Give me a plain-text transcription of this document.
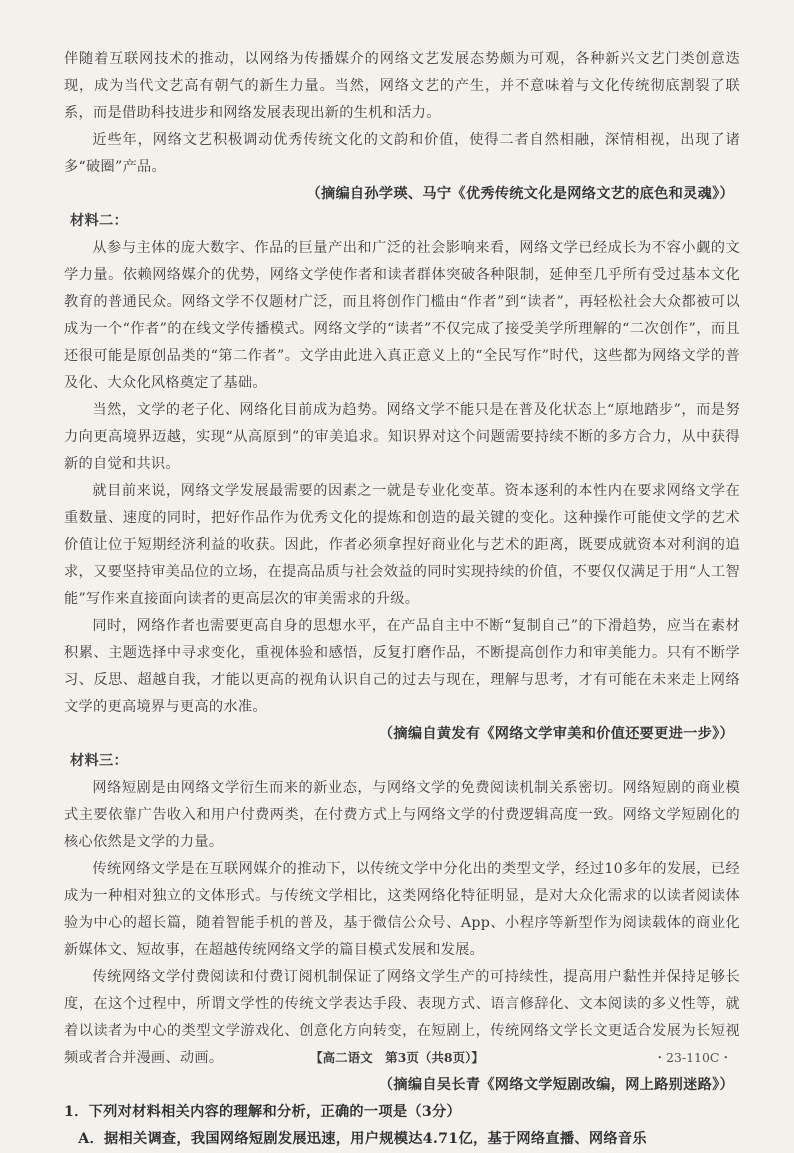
伴随着互联网技术的推动，以网络为传播媒介的网络文艺发展态势颇为可观，各种新兴文艺门类创意迭现，成为当代文艺高有朝气的新生力量。当然，网络文艺的产生，并不意味着与文化传统彻底割裂了联系，而是借助科技进步和网络发展表现出新的生机和活力。

近些年，网络文艺积极调动优秀传统文化的文韵和价值，使得二者自然相融，深情相视，出现了诸多“破圈”产品。

（摘编自孙学瑛、马宁《优秀传统文化是网络文艺的底色和灵魂》）

材料二：

从参与主体的庞大数字、作品的巨量产出和广泛的社会影响来看，网络文学已经成长为不容小觑的文学力量。依赖网络媒介的优势，网络文学使作者和读者群体突破各种限制，延伸至几乎所有受过基本文化教育的普通民众。网络文学不仅题材广泛，而且将创作门槛由“作者”到“读者”，再轻松社会大众都被可以成为一个“作者”的在线文学传播模式。网络文学的“读者”不仅完成了接受美学所理解的“二次创作”，而且还很可能是原创品类的“第二作者”。文学由此进入真正意义上的“全民写作”时代，这些都为网络文学的普及化、大众化风格奠定了基础。

当然，文学的老子化、网络化目前成为趋势。网络文学不能只是在普及化状态上“原地踏步”，而是努力向更高境界迈越，实现“从高原到”的审美追求。知识界对这个问题需要持续不断的多方合力，从中获得新的自觉和共识。

就目前来说，网络文学发展最需要的因素之一就是专业化变革。资本逐利的本性内在要求网络文学在重数量、速度的同时，把好作品作为优秀文化的提炼和创造的最关键的变化。这种操作可能使文学的艺术价值让位于短期经济利益的收获。因此，作者必须拿捏好商业化与艺术的距离，既要成就资本对利润的追求，又要坚持审美品位的立场，在提高品质与社会效益的同时实现持续的价值，不要仅仅满足于用“人工智能”写作来直接面向读者的更高层次的审美需求的升级。

同时，网络作者也需要更高自身的思想水平，在产品自主中不断“复制自己”的下滑趋势，应当在素材积累、主题选择中寻求变化，重视体验和感悟，反复打磨作品，不断提高创作力和审美能力。只有不断学习、反思、超越自我，才能以更高的视角认识自己的过去与现在，理解与思考，才有可能在未来走上网络文学的更高境界与更高的水准。

（摘编自黄发有《网络文学审美和价值还要更进一步》）

材料三：

网络短剧是由网络文学衍生而来的新业态，与网络文学的免费阅读机制关系密切。网络短剧的商业模式主要依靠广告收入和用户付费两类，在付费方式上与网络文学的付费逻辑高度一致。网络文学短剧化的核心依然是文学的力量。

传统网络文学是在互联网媒介的推动下，以传统文学中分化出的类型文学，经过10多年的发展，已经成为一种相对独立的文体形式。与传统文学相比，这类网络化特征明显，是对大众化需求的以读者阅读体验为中心的超长篇，随着智能手机的普及，基于微信公众号、App、小程序等新型作为阅读载体的商业化新媒体文、短故事，在超越传统网络文学的篇目模式发展和发展。

传统网络文学付费阅读和付费订阅机制保证了网络文学生产的可持续性，提高用户黏性并保持足够长度，在这个过程中，所谓文学性的传统文学表达手段、表现方式、语言修辞化、文本阅读的多义性等，就着以读者为中心的类型文学游戏化、创意化方向转变，在短剧上，传统网络文学长文更适合发展为长短视频或者合并漫画、动画。

（摘编自吴长青《网络文学短剧改编，网上路别迷路》）

1．下列对材料相关内容的理解和分析，正确的一项是（3分）

A．据相关调查，我国网络短剧发展迅速，用户规模达4.71亿，基于网络直播、网络音乐

【高二语文　第3页（共8页）】	・23-110C・
